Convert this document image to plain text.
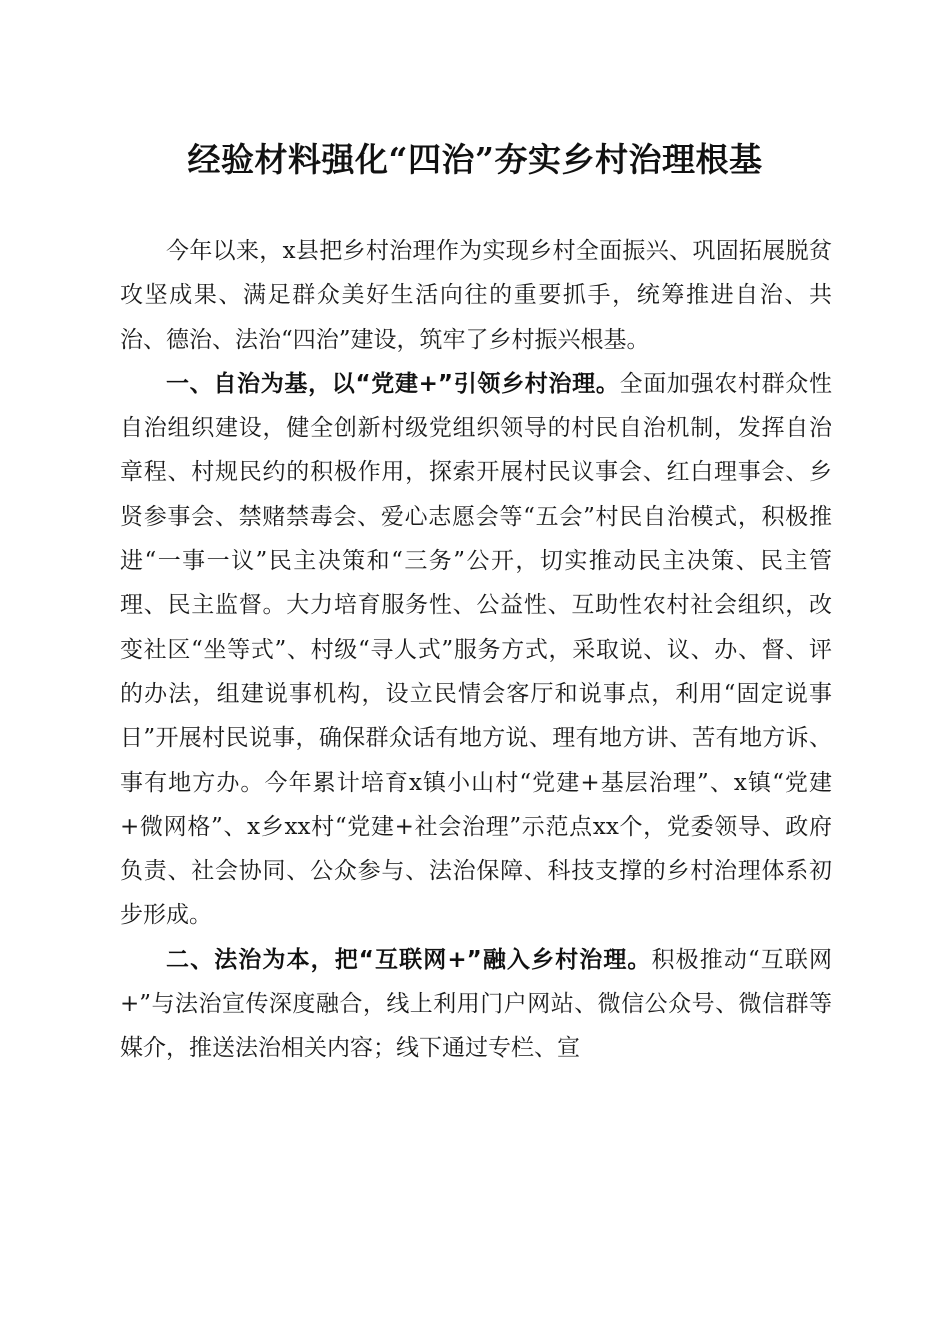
经验材料强化“四治”夯实乡村治理根基

今年以来，x县把乡村治理作为实现乡村全面振兴、巩固拓展脱贫攻坚成果、满足群众美好生活向往的重要抓手，统筹推进自治、共治、德治、法治“四治”建设，筑牢了乡村振兴根基。

一、自治为基，以“党建+”引领乡村治理。全面加强农村群众性自治组织建设，健全创新村级党组织领导的村民自治机制，发挥自治章程、村规民约的积极作用，探索开展村民议事会、红白理事会、乡贤参事会、禁赌禁毒会、爱心志愿会等“五会”村民自治模式，积极推进“一事一议”民主决策和“三务”公开，切实推动民主决策、民主管理、民主监督。大力培育服务性、公益性、互助性农村社会组织，改变社区“坐等式”、村级“寻人式”服务方式，采取说、议、办、督、评的办法，组建说事机构，设立民情会客厅和说事点，利用“固定说事日”开展村民说事，确保群众话有地方说、理有地方讲、苦有地方诉、事有地方办。今年累计培育x镇小山村“党建+基层治理”、x镇“党建+微网格”、x乡xx村“党建+社会治理”示范点xx个，党委领导、政府负责、社会协同、公众参与、法治保障、科技支撑的乡村治理体系初步形成。

二、法治为本，把“互联网+”融入乡村治理。积极推动“互联网+”与法治宣传深度融合，线上利用门户网站、微信公众号、微信群等媒介，推送法治相关内容；线下通过专栏、宣
